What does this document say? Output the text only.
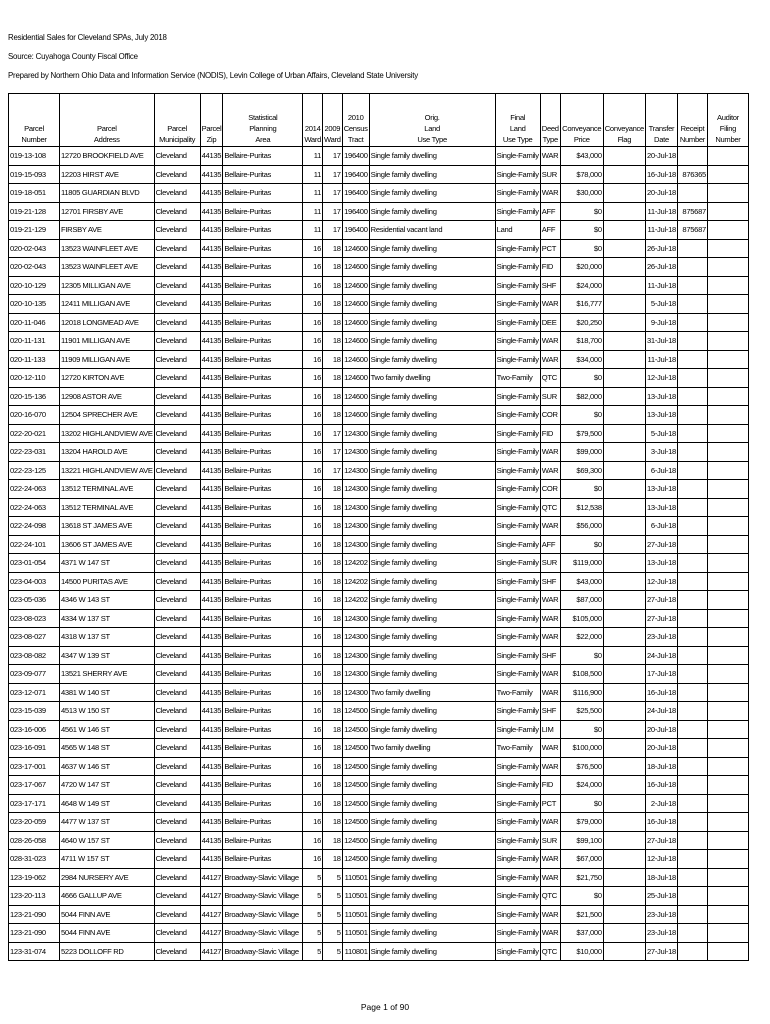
Residential Sales for Cleveland SPAs, July 2018
Source: Cuyahoga County Fiscal Office
Prepared by Northern Ohio Data and Information Service (NODIS), Levin College of Urban Affairs, Cleveland State University

				Statistical			2010	Orig.	Final						Auditor
Parcel	Parcel	Parcel	Parcel	Planning	2014	2009	Census	Land	Land	Deed	Conveyance	Conveyance	Transfer	Receipt	Filing
Number	Address	Municipality	Zip	Area	Ward	Ward	Tract	Use Type	Use Type	Type	Price	Flag	Date	Number	Number
019-13-108	12720 BROOKFIELD AVE	Cleveland	44135	Bellaire-Puritas	11	17	196400	Single family dwelling	Single-Family	WAR	$43,000		20-Jul-18		
019-15-093	12203 HIRST AVE	Cleveland	44135	Bellaire-Puritas	11	17	196400	Single family dwelling	Single-Family	SUR	$78,000		16-Jul-18	876365	
019-18-051	11805 GUARDIAN BLVD	Cleveland	44135	Bellaire-Puritas	11	17	196400	Single family dwelling	Single-Family	WAR	$30,000		20-Jul-18		
019-21-128	12701 FIRSBY AVE	Cleveland	44135	Bellaire-Puritas	11	17	196400	Single family dwelling	Single-Family	AFF	$0		11-Jul-18	875687	
019-21-129	FIRSBY AVE	Cleveland	44135	Bellaire-Puritas	11	17	196400	Residential vacant land	Land	AFF	$0		11-Jul-18	875687	
020-02-043	13523 WAINFLEET AVE	Cleveland	44135	Bellaire-Puritas	16	18	124600	Single family dwelling	Single-Family	PCT	$0		26-Jul-18		
020-02-043	13523 WAINFLEET AVE	Cleveland	44135	Bellaire-Puritas	16	18	124600	Single family dwelling	Single-Family	FID	$20,000		26-Jul-18		
020-10-129	12305 MILLIGAN AVE	Cleveland	44135	Bellaire-Puritas	16	18	124600	Single family dwelling	Single-Family	SHF	$24,000		11-Jul-18		
020-10-135	12411 MILLIGAN AVE	Cleveland	44135	Bellaire-Puritas	16	18	124600	Single family dwelling	Single-Family	WAR	$16,777		5-Jul-18		
020-11-046	12018 LONGMEAD AVE	Cleveland	44135	Bellaire-Puritas	16	18	124600	Single family dwelling	Single-Family	DEE	$20,250		9-Jul-18		
020-11-131	11901 MILLIGAN AVE	Cleveland	44135	Bellaire-Puritas	16	18	124600	Single family dwelling	Single-Family	WAR	$18,700		31-Jul-18		
020-11-133	11909 MILLIGAN AVE	Cleveland	44135	Bellaire-Puritas	16	18	124600	Single family dwelling	Single-Family	WAR	$34,000		11-Jul-18		
020-12-110	12720 KIRTON AVE	Cleveland	44135	Bellaire-Puritas	16	18	124600	Two family dwelling	Two-Family	QTC	$0		12-Jul-18		
020-15-136	12908 ASTOR AVE	Cleveland	44135	Bellaire-Puritas	16	18	124600	Single family dwelling	Single-Family	SUR	$82,000		13-Jul-18		
020-16-070	12504 SPRECHER AVE	Cleveland	44135	Bellaire-Puritas	16	18	124600	Single family dwelling	Single-Family	COR	$0		13-Jul-18		
022-20-021	13202 HIGHLANDVIEW AVE	Cleveland	44135	Bellaire-Puritas	16	17	124300	Single family dwelling	Single-Family	FID	$79,500		5-Jul-18		
022-23-031	13204 HAROLD AVE	Cleveland	44135	Bellaire-Puritas	16	17	124300	Single family dwelling	Single-Family	WAR	$99,000		3-Jul-18		
022-23-125	13221 HIGHLANDVIEW AVE	Cleveland	44135	Bellaire-Puritas	16	17	124300	Single family dwelling	Single-Family	WAR	$69,300		6-Jul-18		
022-24-063	13512 TERMINAL AVE	Cleveland	44135	Bellaire-Puritas	16	18	124300	Single family dwelling	Single-Family	COR	$0		13-Jul-18		
022-24-063	13512 TERMINAL AVE	Cleveland	44135	Bellaire-Puritas	16	18	124300	Single family dwelling	Single-Family	QTC	$12,538		13-Jul-18		
022-24-098	13618 ST JAMES AVE	Cleveland	44135	Bellaire-Puritas	16	18	124300	Single family dwelling	Single-Family	WAR	$56,000		6-Jul-18		
022-24-101	13606 ST JAMES AVE	Cleveland	44135	Bellaire-Puritas	16	18	124300	Single family dwelling	Single-Family	AFF	$0		27-Jul-18		
023-01-054	4371 W 147 ST	Cleveland	44135	Bellaire-Puritas	16	18	124202	Single family dwelling	Single-Family	SUR	$119,000		13-Jul-18		
023-04-003	14500 PURITAS AVE	Cleveland	44135	Bellaire-Puritas	16	18	124202	Single family dwelling	Single-Family	SHF	$43,000		12-Jul-18		
023-05-036	4346 W 143 ST	Cleveland	44135	Bellaire-Puritas	16	18	124202	Single family dwelling	Single-Family	WAR	$87,000		27-Jul-18		
023-08-023	4334 W 137 ST	Cleveland	44135	Bellaire-Puritas	16	18	124300	Single family dwelling	Single-Family	WAR	$105,000		27-Jul-18		
023-08-027	4318 W 137 ST	Cleveland	44135	Bellaire-Puritas	16	18	124300	Single family dwelling	Single-Family	WAR	$22,000		23-Jul-18		
023-08-082	4347 W 139 ST	Cleveland	44135	Bellaire-Puritas	16	18	124300	Single family dwelling	Single-Family	SHF	$0		24-Jul-18		
023-09-077	13521 SHERRY AVE	Cleveland	44135	Bellaire-Puritas	16	18	124300	Single family dwelling	Single-Family	WAR	$108,500		17-Jul-18		
023-12-071	4381 W 140 ST	Cleveland	44135	Bellaire-Puritas	16	18	124300	Two family dwelling	Two-Family	WAR	$116,900		16-Jul-18		
023-15-039	4513 W 150 ST	Cleveland	44135	Bellaire-Puritas	16	18	124500	Single family dwelling	Single-Family	SHF	$25,500		24-Jul-18		
023-16-006	4561 W 146 ST	Cleveland	44135	Bellaire-Puritas	16	18	124500	Single family dwelling	Single-Family	LIM	$0		20-Jul-18		
023-16-091	4565 W 148 ST	Cleveland	44135	Bellaire-Puritas	16	18	124500	Two family dwelling	Two-Family	WAR	$100,000		20-Jul-18		
023-17-001	4637 W 146 ST	Cleveland	44135	Bellaire-Puritas	16	18	124500	Single family dwelling	Single-Family	WAR	$76,500		18-Jul-18		
023-17-067	4720 W 147 ST	Cleveland	44135	Bellaire-Puritas	16	18	124500	Single family dwelling	Single-Family	FID	$24,000		16-Jul-18		
023-17-171	4648 W 149 ST	Cleveland	44135	Bellaire-Puritas	16	18	124500	Single family dwelling	Single-Family	PCT	$0		2-Jul-18		
023-20-059	4477 W 137 ST	Cleveland	44135	Bellaire-Puritas	16	18	124500	Single family dwelling	Single-Family	WAR	$79,000		16-Jul-18		
028-26-058	4640 W 157 ST	Cleveland	44135	Bellaire-Puritas	16	18	124500	Single family dwelling	Single-Family	SUR	$99,100		27-Jul-18		
028-31-023	4711 W 157 ST	Cleveland	44135	Bellaire-Puritas	16	18	124500	Single family dwelling	Single-Family	WAR	$67,000		12-Jul-18		
123-19-062	2984 NURSERY AVE	Cleveland	44127	Broadway-Slavic Village	5	5	110501	Single family dwelling	Single-Family	WAR	$21,750		18-Jul-18		
123-20-113	4666 GALLUP AVE	Cleveland	44127	Broadway-Slavic Village	5	5	110501	Single family dwelling	Single-Family	QTC	$0		25-Jul-18		
123-21-090	5044 FINN AVE	Cleveland	44127	Broadway-Slavic Village	5	5	110501	Single family dwelling	Single-Family	WAR	$21,500		23-Jul-18		
123-21-090	5044 FINN AVE	Cleveland	44127	Broadway-Slavic Village	5	5	110501	Single family dwelling	Single-Family	WAR	$37,000		23-Jul-18		
123-31-074	5223 DOLLOFF RD	Cleveland	44127	Broadway-Slavic Village	5	5	110801	Single family dwelling	Single-Family	QTC	$10,000		27-Jul-18		
Page 1 of 90
